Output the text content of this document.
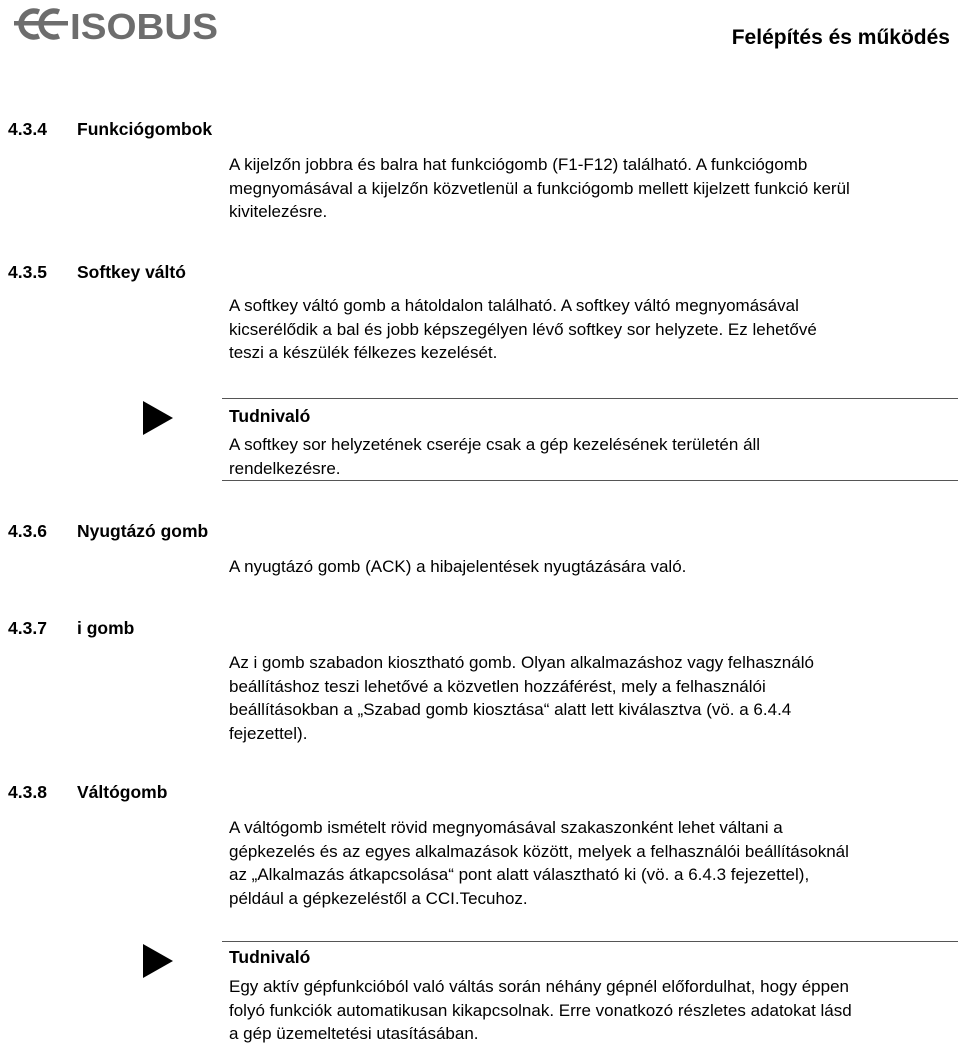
ISOBUS	Felépítés és működés
4.3.4 Funkciógombok
A kijelzőn jobbra és balra hat funkciógomb (F1-F12) található. A funkciógomb
megnyomásával a kijelzőn közvetlenül a funkciógomb mellett kijelzett funkció kerül
kivitelezésre.
4.3.5 Softkey váltó
A softkey váltó gomb a hátoldalon található. A softkey váltó megnyomásával
kicserélődik a bal és jobb képszegélyen lévő softkey sor helyzete. Ez lehetővé
teszi a készülék félkezes kezelését.
Tudnivaló
A softkey sor helyzetének cseréje csak a gép kezelésének területén áll
rendelkezésre.
4.3.6 Nyugtázó gomb
A nyugtázó gomb (ACK) a hibajelentések nyugtázására való.
4.3.7 i gomb
Az i gomb szabadon kiosztható gomb. Olyan alkalmazáshoz vagy felhasználó
beállításhoz teszi lehetővé a közvetlen hozzáférést, mely a felhasználói
beállításokban a „Szabad gomb kiosztása“ alatt lett kiválasztva (vö. a 6.4.4
fejezettel).
4.3.8 Váltógomb
A váltógomb ismételt rövid megnyomásával szakaszonként lehet váltani a
gépkezelés és az egyes alkalmazások között, melyek a felhasználói beállításoknál
az „Alkalmazás átkapcsolása“ pont alatt választható ki (vö. a 6.4.3 fejezettel),
például a gépkezeléstől a CCI.Tecuhoz.
Tudnivaló
Egy aktív gépfunkcióból való váltás során néhány gépnél előfordulhat, hogy éppen
folyó funkciók automatikusan kikapcsolnak. Erre vonatkozó részletes adatokat lásd
a gép üzemeltetési utasításában.
